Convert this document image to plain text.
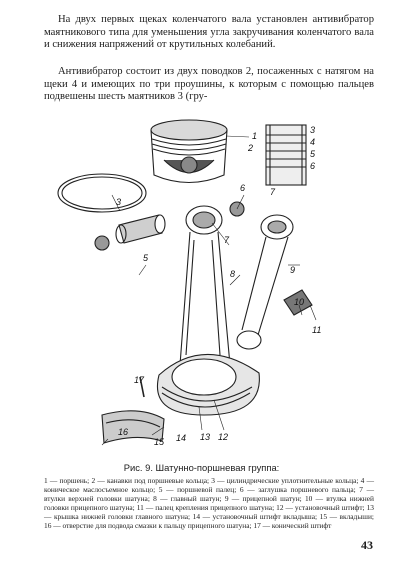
На двух первых щеках коленчатого вала установлен антивибратор маятникового типа для уменьшения угла закручивания коленчатого вала и снижения напряжений от крутильных колебаний.

Антивибратор состоит из двух поводков 2, посаженных с натягом на щеки 4 и имеющих по три проушины, к которым с помощью пальцев подвешены шесть маятников 3 (гру-

1
2
3
5
6
7
8	9
10
11
12
13
14
15
16
17
3
4
5
6
7
Рис. 9. Шатунно-поршневая группа:
1 — поршень; 2 — канавки под поршневые кольца; 3 — цилиндрические уплотнительные кольца; 4 — коническое маслосъемное кольцо; 5 — поршневой палец; 6 — заглушка поршневого пальца; 7 — втулки верхней головки шатуна; 8 — главный шатун; 9 — прицепной шатун; 10 — втулка нижней головки прицепного шатуна; 11 — палец крепления прицепного шатуна; 12 — установочный штифт; 13 — крышка нижней головки главного шатуна; 14 — установочный штифт вкладыша; 15 — вкладыши; 16 — отверстие для подвода смазки к пальцу прицепного шатуна; 17 — конический штифт
43
